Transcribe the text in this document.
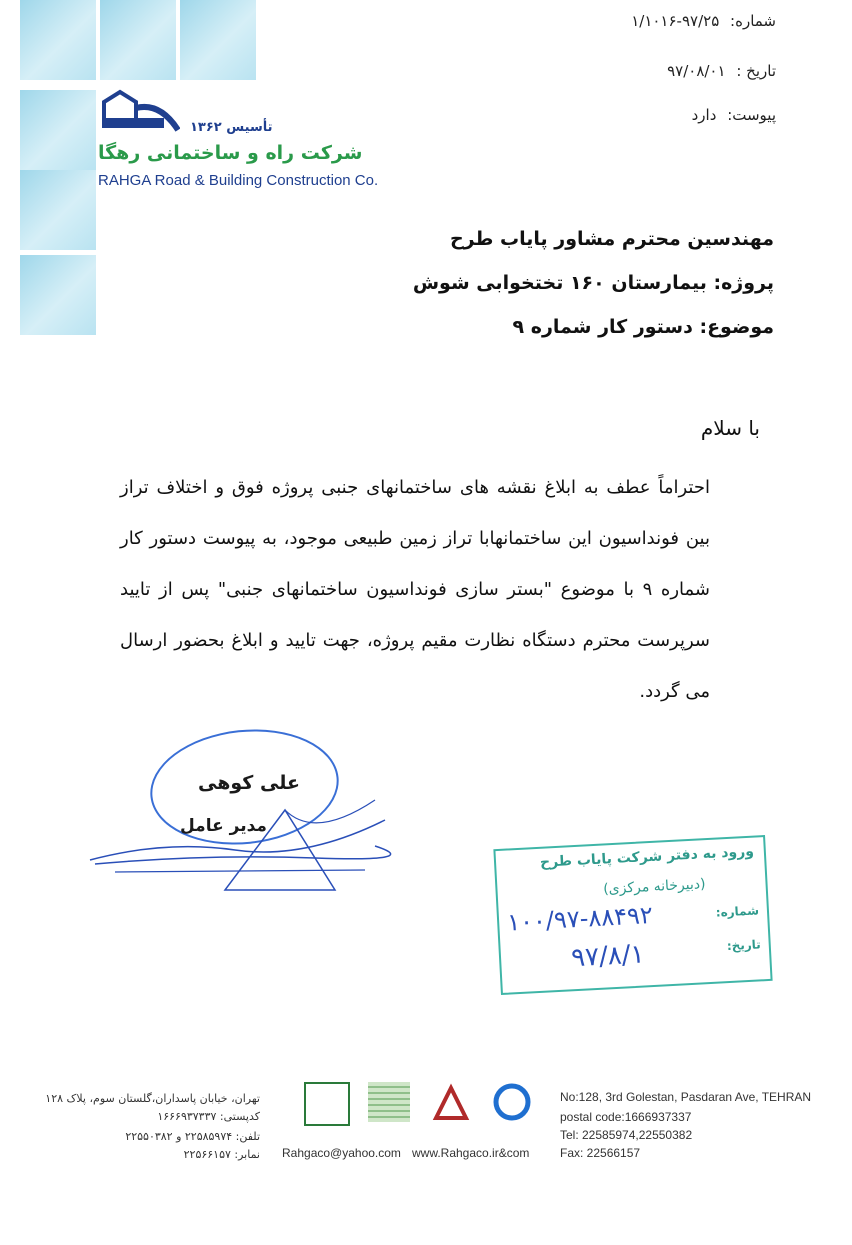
شماره: ۹۷/۲۵-۱/۱۰۱۶
تاریخ : ۹۷/۰۸/۰۱
پیوست: دارد
تأسیس ۱۳۶۲
شرکت راه و ساختمانی رهگا
RAHGA Road & Building Construction Co.
مهندسین محترم مشاور پایاب طرح
پروژه: بیمارستان ۱۶۰ تختخوابی شوش
موضوع: دستور کار شماره ۹
با سلام
احتراماً عطف به ابلاغ نقشه های ساختمانهای جنبی پروژه فوق و اختلاف تراز بین فونداسیون این ساختمانهابا تراز زمین طبیعی موجود، به پیوست دستور کار شماره ۹ با موضوع "بستر سازی فونداسیون ساختمانهای جنبی" پس از تایید سرپرست محترم دستگاه نظارت مقیم پروژه، جهت تایید و ابلاغ بحضور ارسال می گردد.
علی کوهی
مدیر عامل
ورود به دفتر شرکت پایاب طرح
(دبیرخانه مرکزی)
شماره:
۱۰۰/۹۷-۸۸۴۹۲
تاریخ:
۹۷/۸/۱
تهران، خیابان پاسداران،گلستان سوم، پلاک ۱۲۸
کدپستی: ۱۶۶۶۹۳۷۳۳۷
تلفن: ۲۲۵۸۵۹۷۴ و ۲۲۵۵۰۳۸۲
نمابر: ۲۲۵۶۶۱۵۷ Rahgaco@yahoo.com www.Rahgaco.ir&com
No:128, 3rd Golestan, Pasdaran Ave, TEHRAN
postal code:1666937337
Tel: 22585974,22550382
Fax: 22566157
